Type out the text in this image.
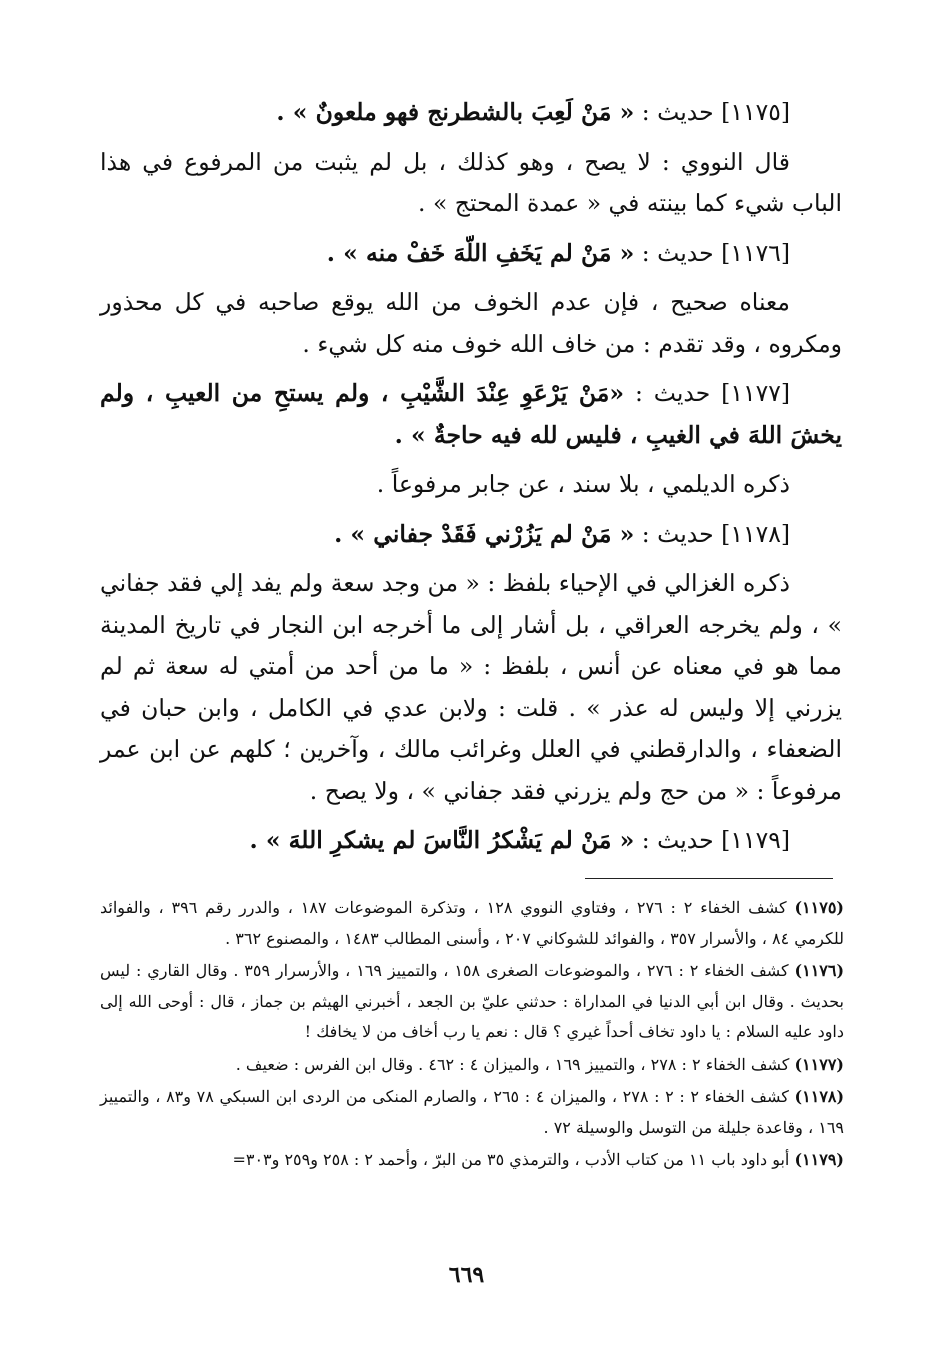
[١١٧٥] حديث : « مَنْ لَعِبَ بالشطرنج فهو ملعونٌ » .

قال النووي : لا يصح ، وهو كذلك ، بل لم يثبت من المرفوع في هذا الباب شيء كما بينته في « عمدة المحتج » .

[١١٧٦] حديث : « مَنْ لم يَخَفِ اللّهَ خَفْ منه » .

معناه صحيح ، فإن عدم الخوف من الله يوقع صاحبه في كل محذور ومكروه ، وقد تقدم : من خاف الله خوف منه كل شيء .

[١١٧٧] حديث : «مَنْ يَرْعَوِ عِنْدَ الشَّيْبِ ، ولم يستحِ من العيبِ ، ولم يخشَ اللهَ في الغيبِ ، فليس لله فيه حاجةٌ » .

ذكره الديلمي ، بلا سند ، عن جابر مرفوعاً .

[١١٧٨] حديث : « مَنْ لم يَزُرْني فَقَدْ جفاني » .

ذكره الغزالي في الإحياء بلفظ : « من وجد سعة ولم يفد إلي فقد جفاني » ، ولم يخرجه العراقي ، بل أشار إلى ما أخرجه ابن النجار في تاريخ المدينة مما هو في معناه عن أنس ، بلفظ : « ما من أحد من أمتي له سعة ثم لم يزرني إلا وليس له عذر » . قلت : ولابن عدي في الكامل ، وابن حبان في الضعفاء ، والدارقطني في العلل وغرائب مالك ، وآخرين ؛ كلهم عن ابن عمر مرفوعاً : « من حج ولم يزرني فقد جفاني » ، ولا يصح .

[١١٧٩] حديث : « مَنْ لم يَشْكرُ النَّاسَ لم يشكرِ اللهَ » .

(١١٧٥) كشف الخفاء ٢ : ٢٧٦ ، وفتاوي النووي ١٢٨ ، وتذكرة الموضوعات ١٨٧ ، والدرر رقم ٣٩٦ ، والفوائد للكرمي ٨٤ ، والأسرار ٣٥٧ ، والفوائد للشوكاني ٢٠٧ ، وأسنى المطالب ١٤٨٣ ، والمصنوع ٣٦٢ .

(١١٧٦) كشف الخفاء ٢ : ٢٧٦ ، والموضوعات الصغرى ١٥٨ ، والتمييز ١٦٩ ، والأرسرار ٣٥٩ . وقال القاري : ليس بحديث . وقال ابن أبي الدنيا في المداراة : حدثني عليّ بن الجعد ، أخبرني الهيثم بن جماز ، قال : أوحى الله إلى داود عليه السلام : يا داود تخاف أحداً غيري ؟ قال : نعم يا رب أخاف من لا يخافك !

(١١٧٧) كشف الخفاء ٢ : ٢٧٨ ، والتمييز ١٦٩ ، والميزان ٤ : ٤٦٢ . وقال ابن الفرس : ضعيف .

(١١٧٨) كشف الخفاء ٢ : ٢ : ٢٧٨ ، والميزان ٤ : ٢٦٥ ، والصارم المنكى من الردى ابن السبكي ٧٨ و٨٣ ، والتمييز ١٦٩ ، وقاعدة جليلة من التوسل والوسيلة ٧٢ .

(١١٧٩) أبو داود باب ١١ من كتاب الأدب ، والترمذي ٣٥ من البرّ ، وأحمد ٢ : ٢٥٨ و٢٥٩ و٣٠٣=

٦٦٩
